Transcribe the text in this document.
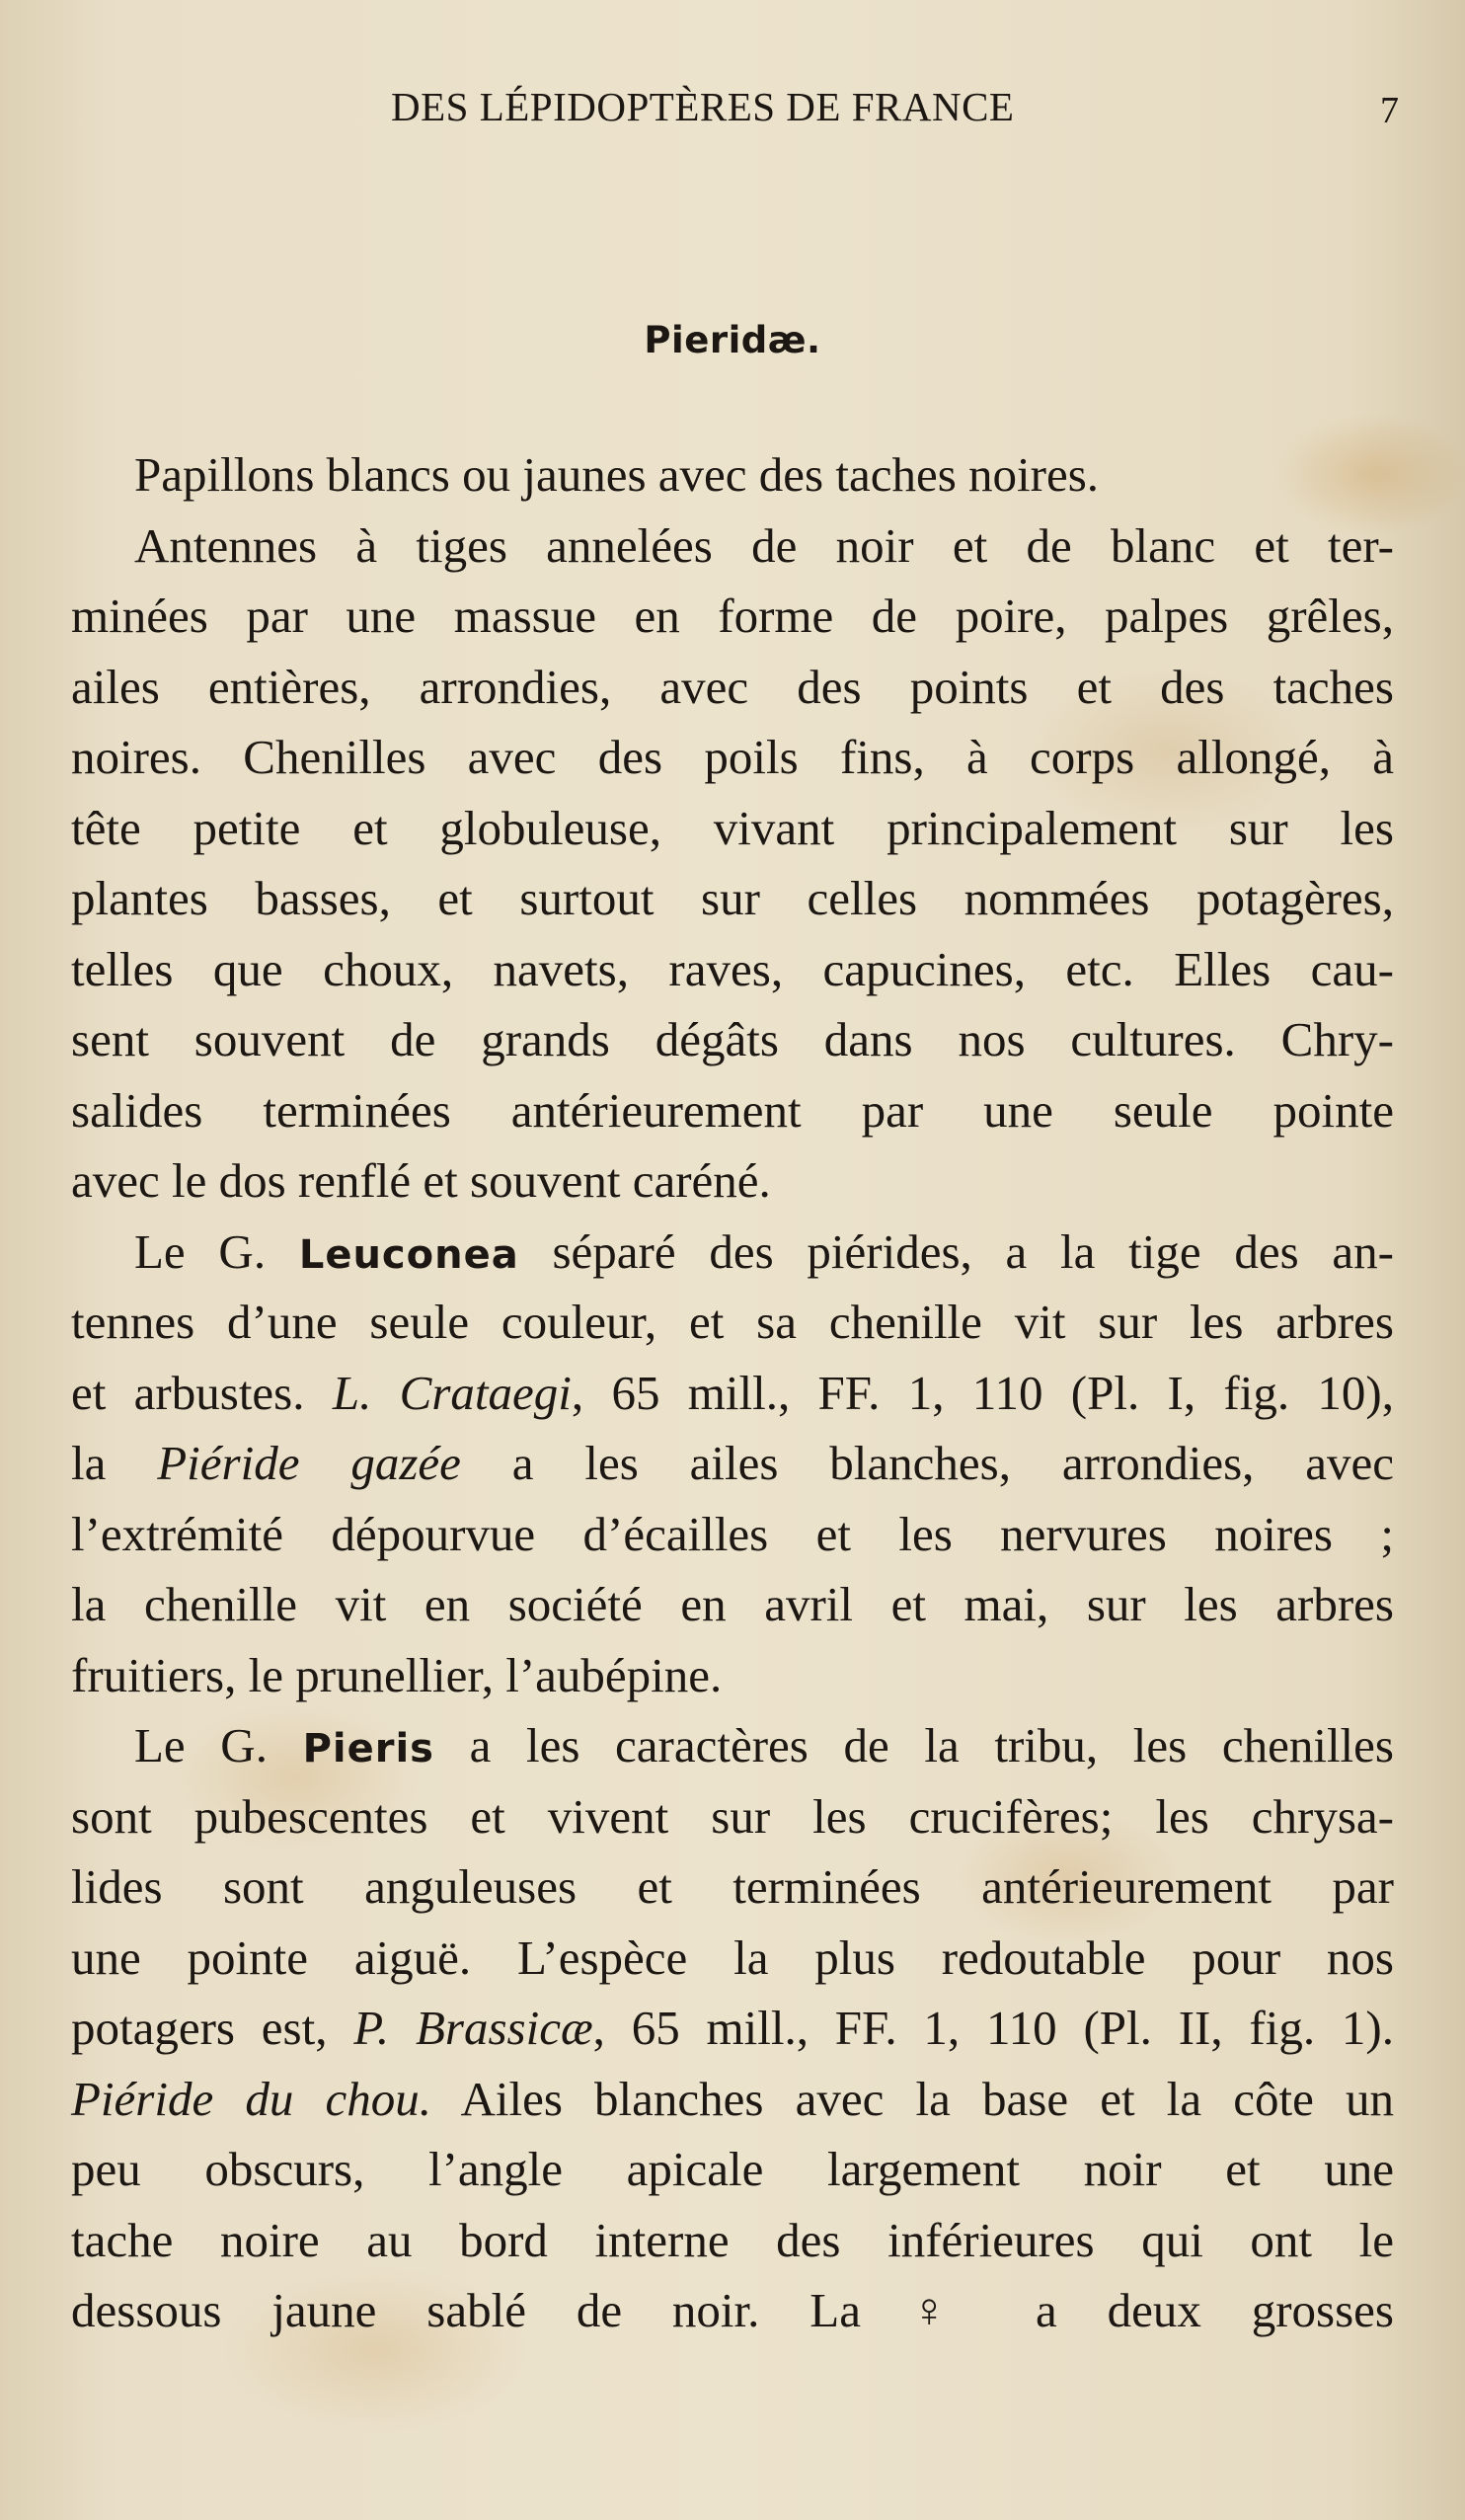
DES LÉPIDOPTÈRES DE FRANCE	7
Pieridæ.
Papillons blancs ou jaunes avec des taches noires.
Antennes à tiges annelées de noir et de blanc et ter-
minées par une massue en forme de poire, palpes grêles,
ailes entières, arrondies, avec des points et des taches
noires. Chenilles avec des poils fins, à corps allongé, à
tête petite et globuleuse, vivant principalement sur les
plantes basses, et surtout sur celles nommées potagères,
telles que choux, navets, raves, capucines, etc. Elles cau-
sent souvent de grands dégâts dans nos cultures. Chry-
salides terminées antérieurement par une seule pointe
avec le dos renflé et souvent caréné.
Le G. Leuconea séparé des piérides, a la tige des an-
tennes d’une seule couleur, et sa chenille vit sur les arbres
et arbustes. L. Crataegi, 65 mill., FF. 1, 110 (Pl. I, fig. 10),
la Piéride gazée a les ailes blanches, arrondies, avec
l’extrémité dépourvue d’écailles et les nervures noires ;
la chenille vit en société en avril et mai, sur les arbres
fruitiers, le prunellier, l’aubépine.
Le G. Pieris a les caractères de la tribu, les chenilles
sont pubescentes et vivent sur les crucifères; les chrysa-
lides sont anguleuses et terminées antérieurement par
une pointe aiguë. L’espèce la plus redoutable pour nos
potagers est, P. Brassicæ, 65 mill., FF. 1, 110 (Pl. II, fig. 1).
Piéride du chou. Ailes blanches avec la base et la côte un
peu obscurs, l’angle apicale largement noir et une
tache noire au bord interne des inférieures qui ont le
dessous jaune sablé de noir. La ♀ a deux grosses
